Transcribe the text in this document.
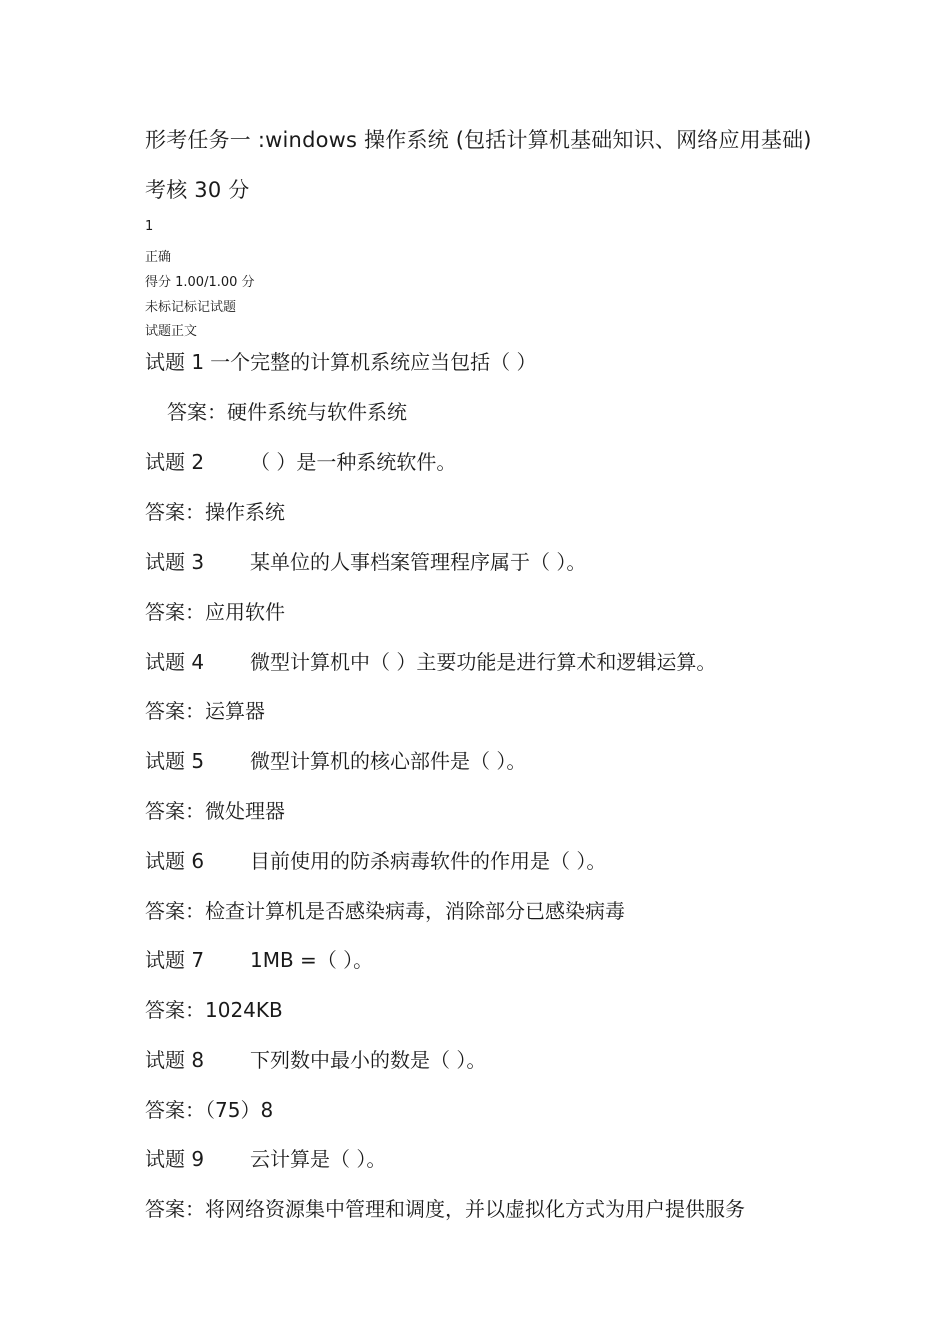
形考任务一 :windows 操作系统 (包括计算机基础知识、网络应用基础)
考核 30 分
1
正确
得分 1.00/1.00 分
未标记标记试题
试题正文
试题 1 一个完整的计算机系统应当包括（ ）
答案：硬件系统与软件系统
试题 2 （ ）是一种系统软件。
答案：操作系统
试题 3 某单位的人事档案管理程序属于（ ）。
答案：应用软件
试题 4 微型计算机中（ ）主要功能是进行算术和逻辑运算。
答案：运算器
试题 5 微型计算机的核心部件是（ ）。
答案：微处理器
试题 6 目前使用的防杀病毒软件的作用是（ ）。
答案：检查计算机是否感染病毒，消除部分已感染病毒
试题 7 1MB =（ ）。
答案：1024KB
试题 8 下列数中最小的数是（ ）。
答案：（75）8
试题 9 云计算是（ ）。
答案：将网络资源集中管理和调度，并以虚拟化方式为用户提供服务
